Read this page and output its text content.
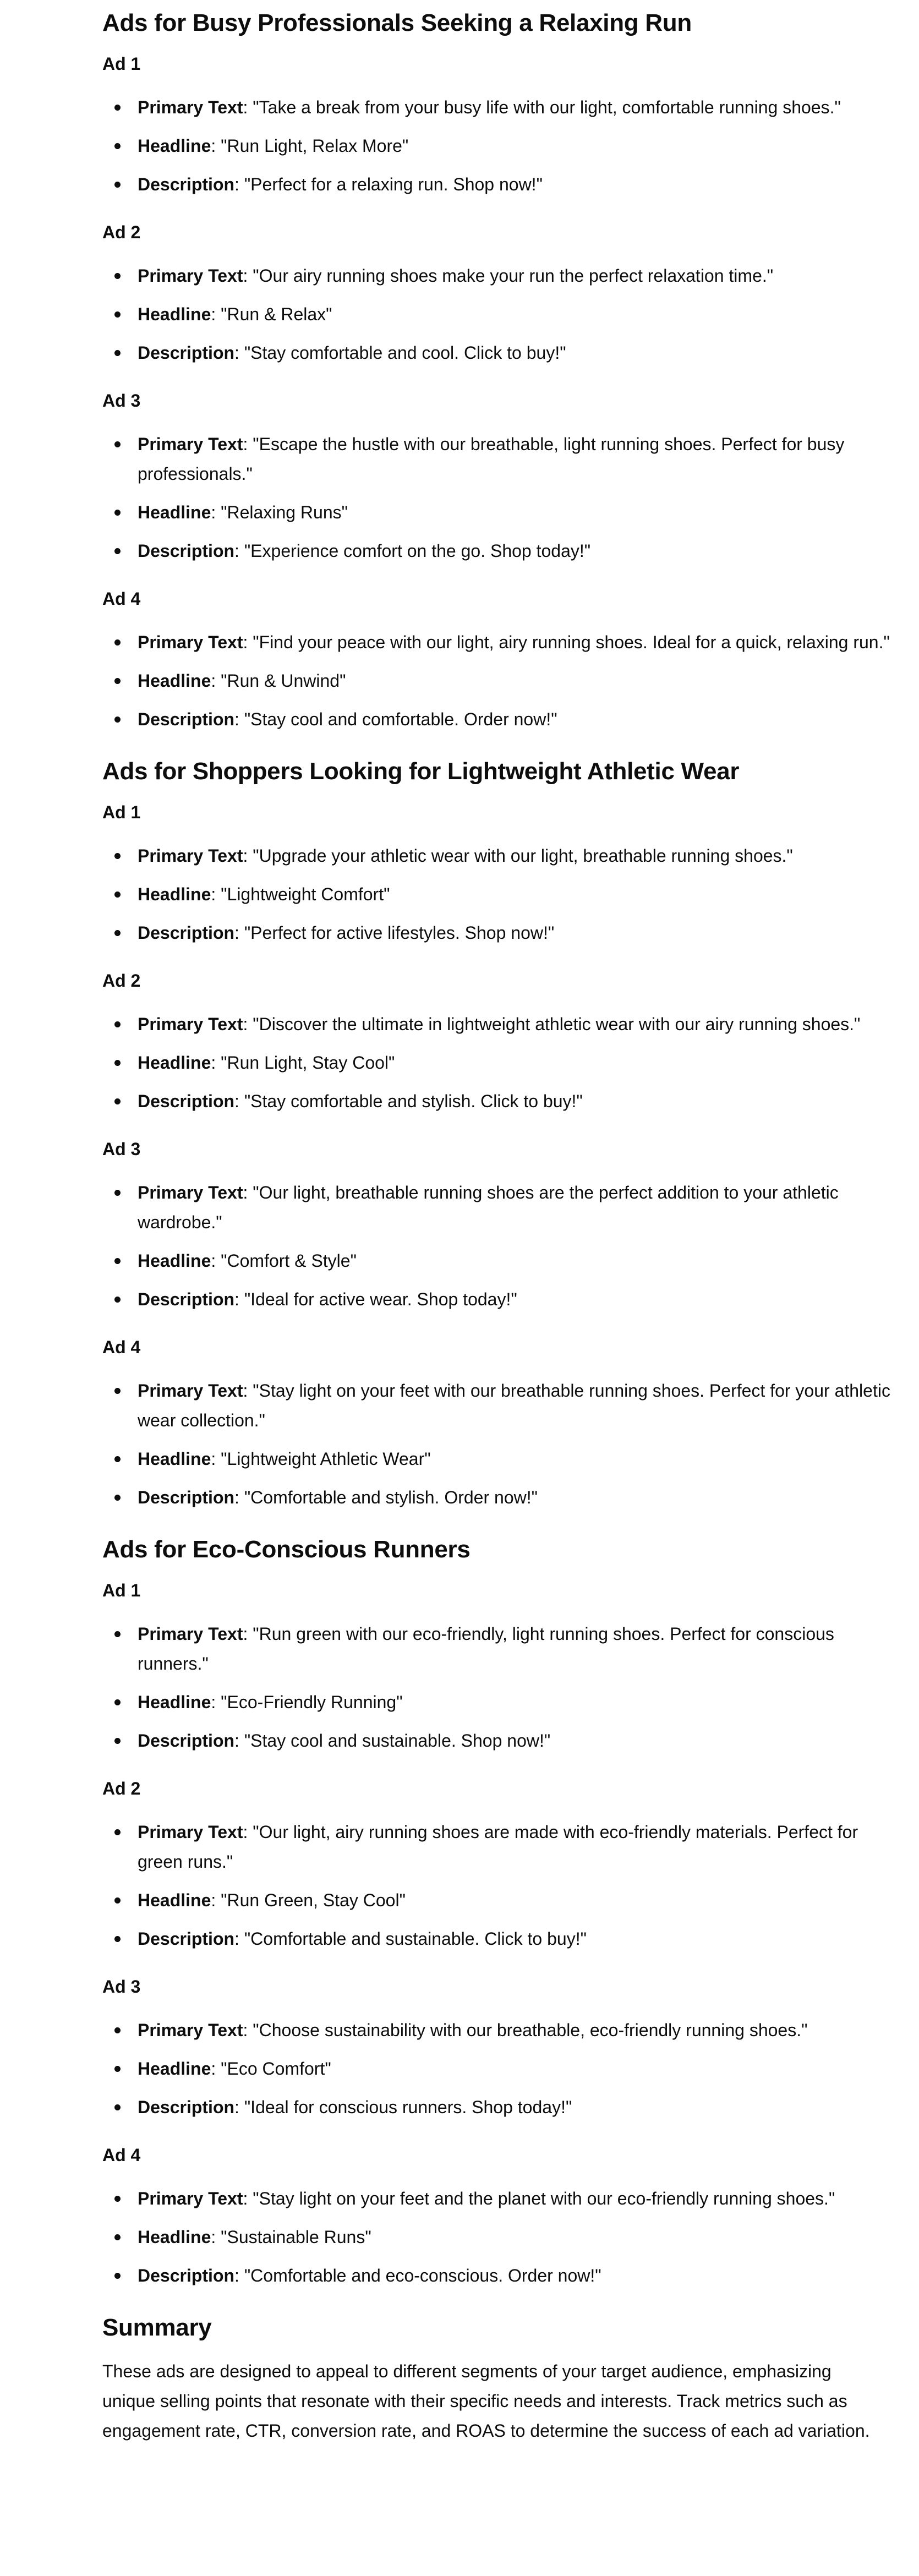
Ads for Busy Professionals Seeking a Relaxing Run
Ad 1
Primary Text: "Take a break from your busy life with our light, comfortable running shoes."
Headline: "Run Light, Relax More"
Description: "Perfect for a relaxing run. Shop now!"
Ad 2
Primary Text: "Our airy running shoes make your run the perfect relaxation time."
Headline: "Run & Relax"
Description: "Stay comfortable and cool. Click to buy!"
Ad 3
Primary Text: "Escape the hustle with our breathable, light running shoes. Perfect for busy professionals."
Headline: "Relaxing Runs"
Description: "Experience comfort on the go. Shop today!"
Ad 4
Primary Text: "Find your peace with our light, airy running shoes. Ideal for a quick, relaxing run."
Headline: "Run & Unwind"
Description: "Stay cool and comfortable. Order now!"
Ads for Shoppers Looking for Lightweight Athletic Wear
Ad 1
Primary Text: "Upgrade your athletic wear with our light, breathable running shoes."
Headline: "Lightweight Comfort"
Description: "Perfect for active lifestyles. Shop now!"
Ad 2
Primary Text: "Discover the ultimate in lightweight athletic wear with our airy running shoes."
Headline: "Run Light, Stay Cool"
Description: "Stay comfortable and stylish. Click to buy!"
Ad 3
Primary Text: "Our light, breathable running shoes are the perfect addition to your athletic wardrobe."
Headline: "Comfort & Style"
Description: "Ideal for active wear. Shop today!"
Ad 4
Primary Text: "Stay light on your feet with our breathable running shoes. Perfect for your athletic wear collection."
Headline: "Lightweight Athletic Wear"
Description: "Comfortable and stylish. Order now!"
Ads for Eco-Conscious Runners
Ad 1
Primary Text: "Run green with our eco-friendly, light running shoes. Perfect for conscious runners."
Headline: "Eco-Friendly Running"
Description: "Stay cool and sustainable. Shop now!"
Ad 2
Primary Text: "Our light, airy running shoes are made with eco-friendly materials. Perfect for green runs."
Headline: "Run Green, Stay Cool"
Description: "Comfortable and sustainable. Click to buy!"
Ad 3
Primary Text: "Choose sustainability with our breathable, eco-friendly running shoes."
Headline: "Eco Comfort"
Description: "Ideal for conscious runners. Shop today!"
Ad 4
Primary Text: "Stay light on your feet and the planet with our eco-friendly running shoes."
Headline: "Sustainable Runs"
Description: "Comfortable and eco-conscious. Order now!"
Summary

These ads are designed to appeal to different segments of your target audience, emphasizing unique selling points that resonate with their specific needs and interests. Track metrics such as engagement rate, CTR, conversion rate, and ROAS to determine the success of each ad variation.
